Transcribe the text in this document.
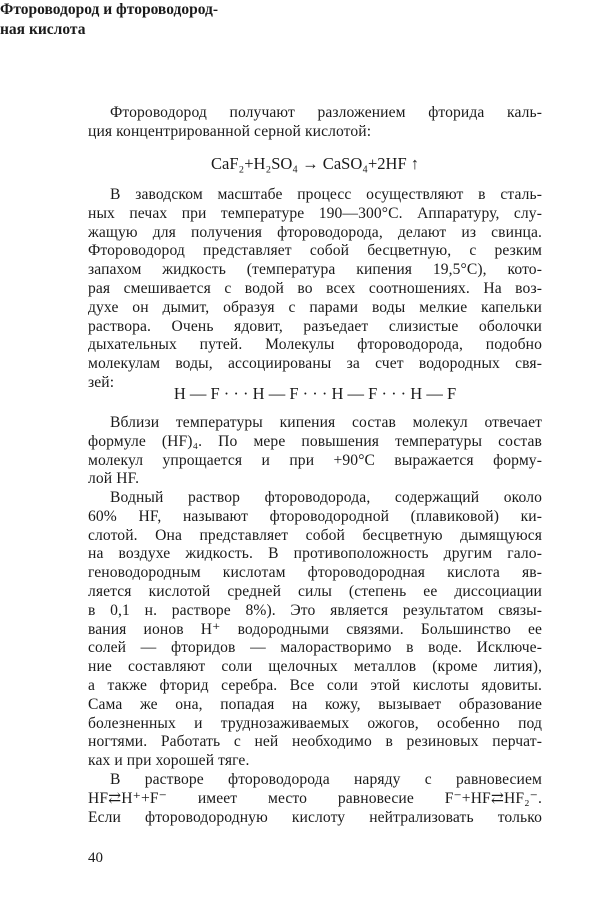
Фтороводород и фтороводород-
ная кислота
Фтороводород получают разложением фторида каль-
ция концентрированной серной кислотой:
CaF₂+H₂SO₄ → CaSO₄+2HF ↑
В заводском масштабе процесс осуществляют в сталь-
ных печах при температуре 190—300°С. Аппаратуру, слу-
жащую для получения фтороводорода, делают из свинца.
Фтороводород представляет собой бесцветную, с резким
запахом жидкость (температура кипения 19,5°С), кото-
рая смешивается с водой во всех соотношениях. На воз-
духе он дымит, образуя с парами воды мелкие капельки
раствора. Очень ядовит, разъедает слизистые оболочки
дыхательных путей. Молекулы фтороводорода, подобно
молекулам воды, ассоциированы за счет водородных свя-
зей:
H — F · · · H — F · · · H — F · · · H — F
Вблизи температуры кипения состав молекул отвечает
формуле (HF)₄. По мере повышения температуры состав
молекул упрощается и при +90°С выражается форму-
лой HF.
Водный раствор фтороводорода, содержащий около
60% HF, называют фтороводородной (плавиковой) ки-
слотой. Она представляет собой бесцветную дымящуюся
на воздухе жидкость. В противоположность другим гало-
геноводородным кислотам фтороводородная кислота яв-
ляется кислотой средней силы (степень ее диссоциации
в 0,1 н. растворе 8%). Это является результатом связы-
вания ионов H⁺ водородными связями. Большинство ее
солей — фторидов — малорастворимо в воде. Исключе-
ние составляют соли щелочных металлов (кроме лития),
а также фторид серебра. Все соли этой кислоты ядовиты.
Сама же она, попадая на кожу, вызывает образование
болезненных и труднозаживаемых ожогов, особенно под
ногтями. Работать с ней необходимо в резиновых перчат-
ках и при хорошей тяге.
В растворе фтороводорода наряду с равновесием
HF⇄H⁺+F⁻ имеет место равновесие F⁻+HF⇄HF₂⁻.
Если фтороводородную кислоту нейтрализовать только
40
